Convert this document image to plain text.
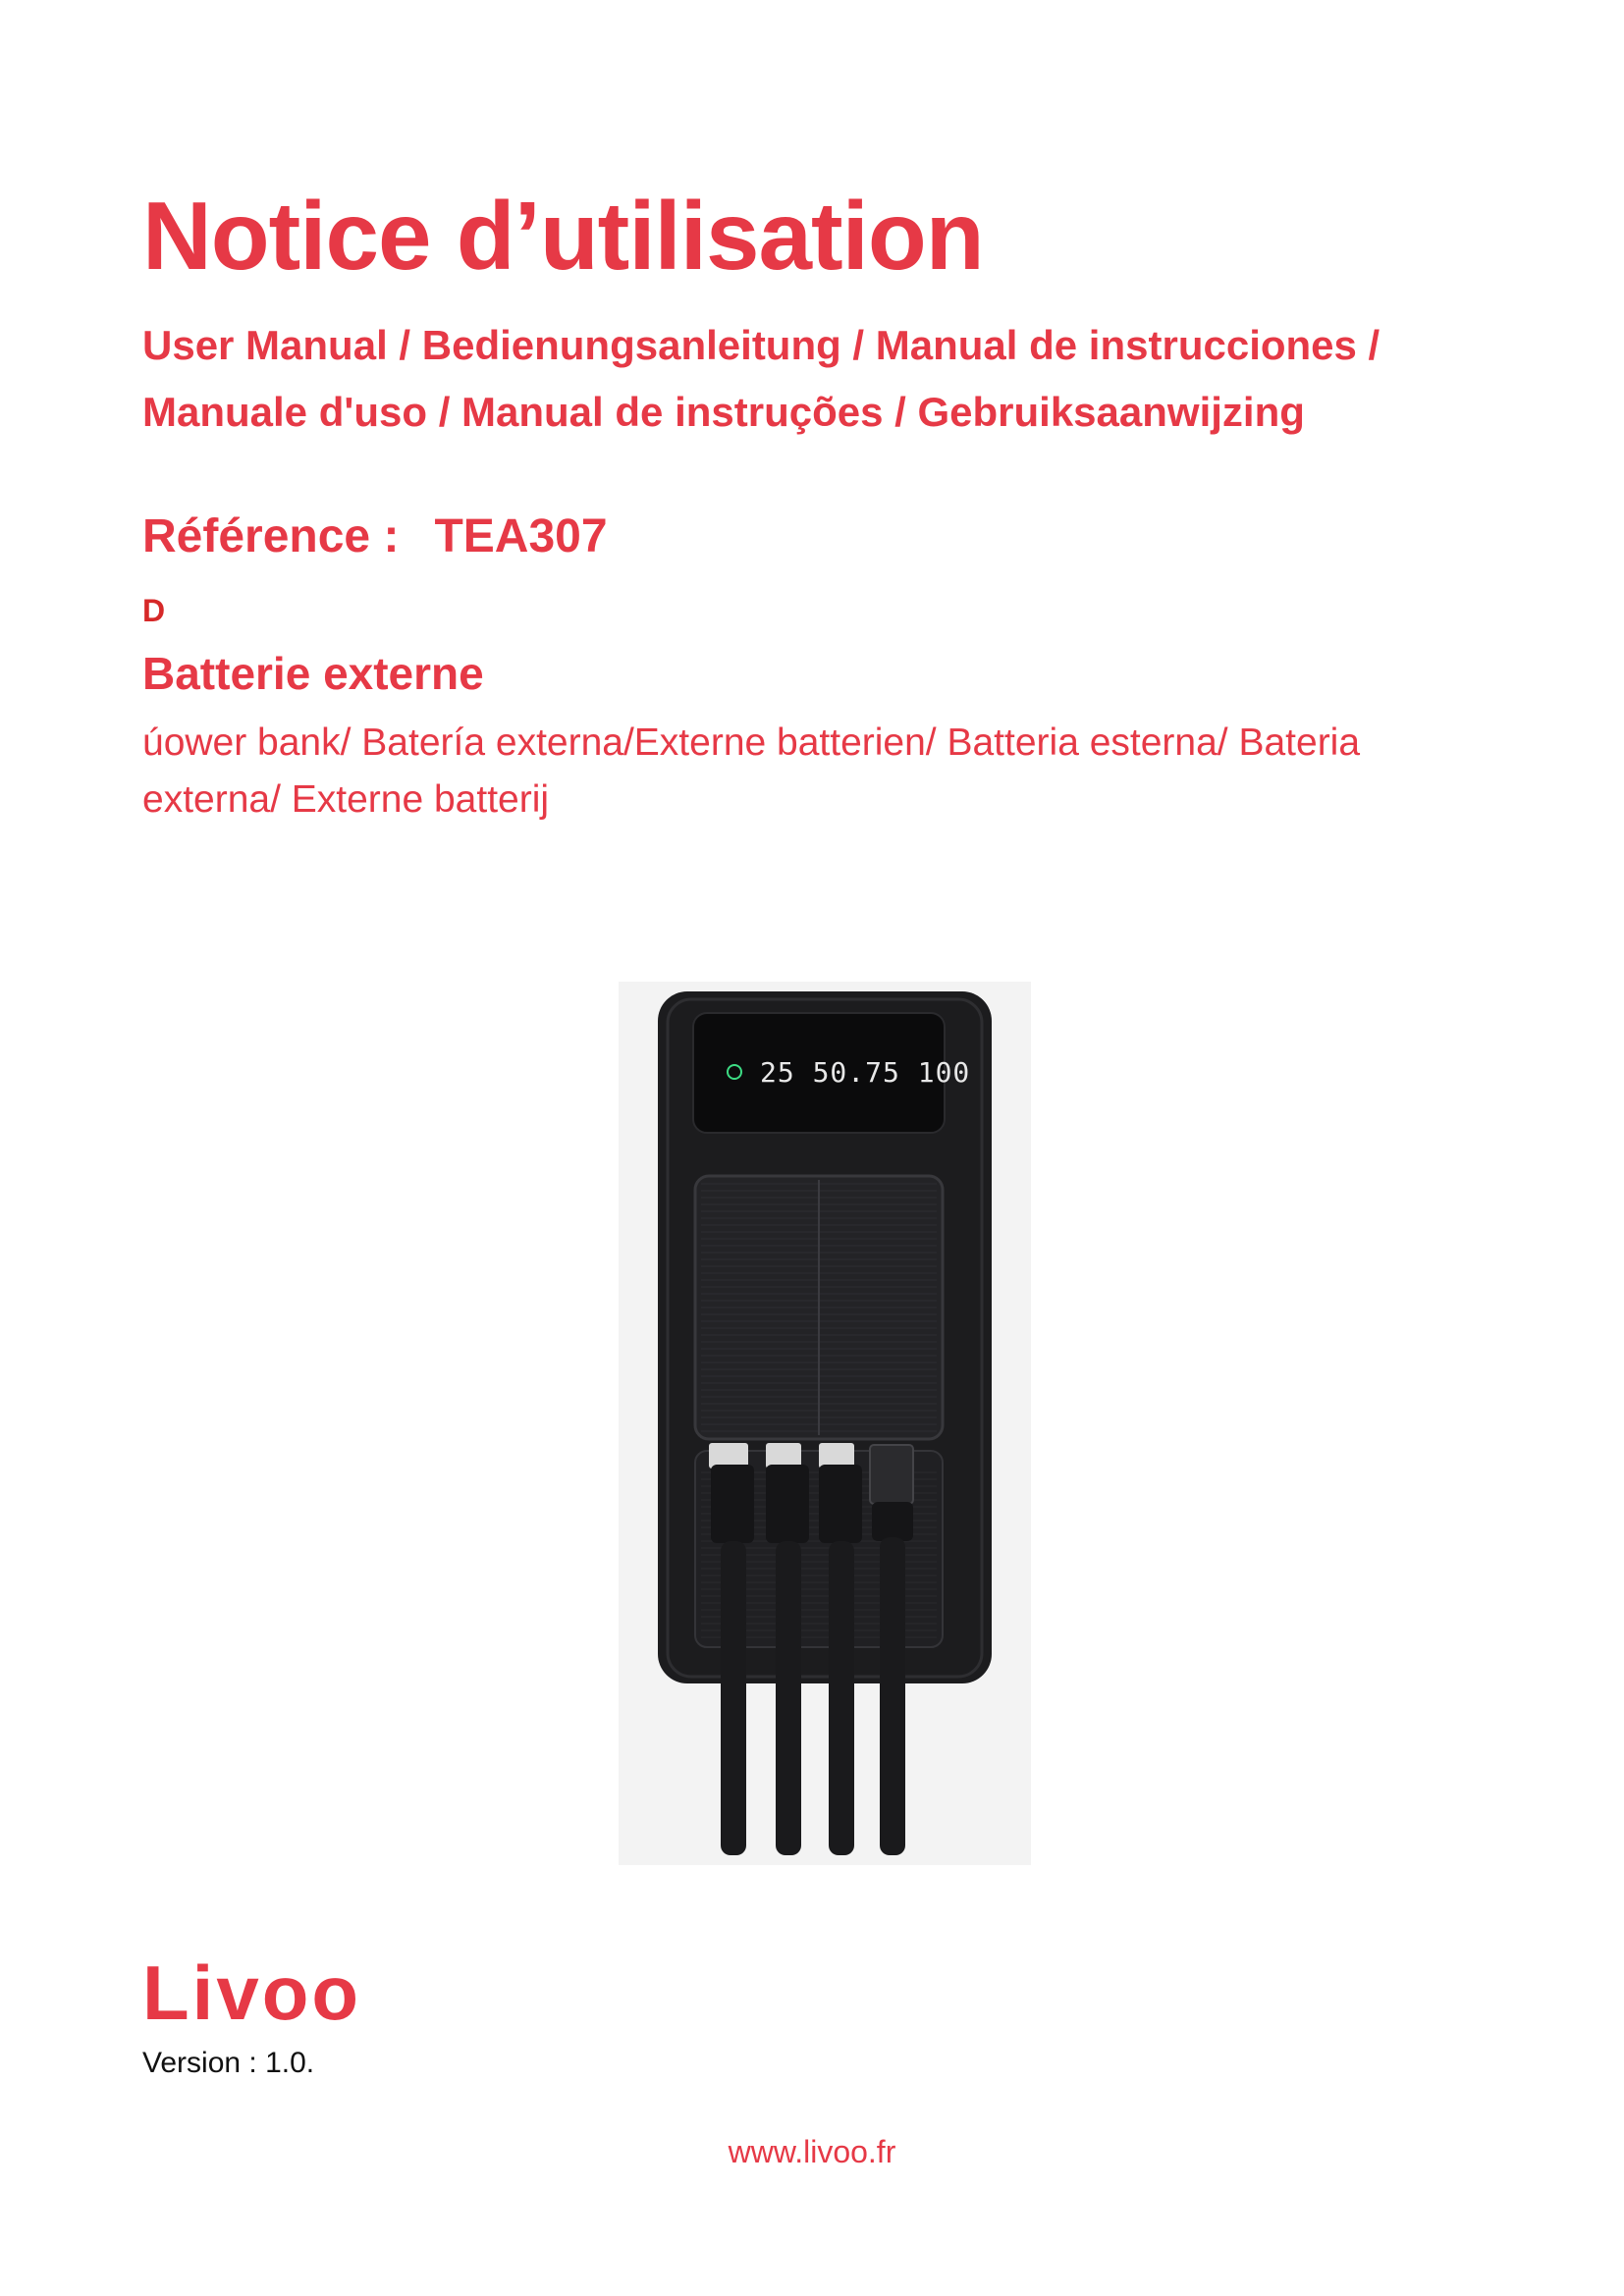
Notice d’utilisation
User Manual / Bedienungsanleitung / Manual de instrucciones /
Manuale d'uso / Manual de instruções / Gebruiksaanwijzing
Référence : TEA307
D
Batterie externe
úower bank/ Batería externa/Externe batterien/ Batteria esterna/ Bateria
externa/ Externe batterij
25 50.75 100
Livoo
Version : 1.0.
www.livoo.fr
